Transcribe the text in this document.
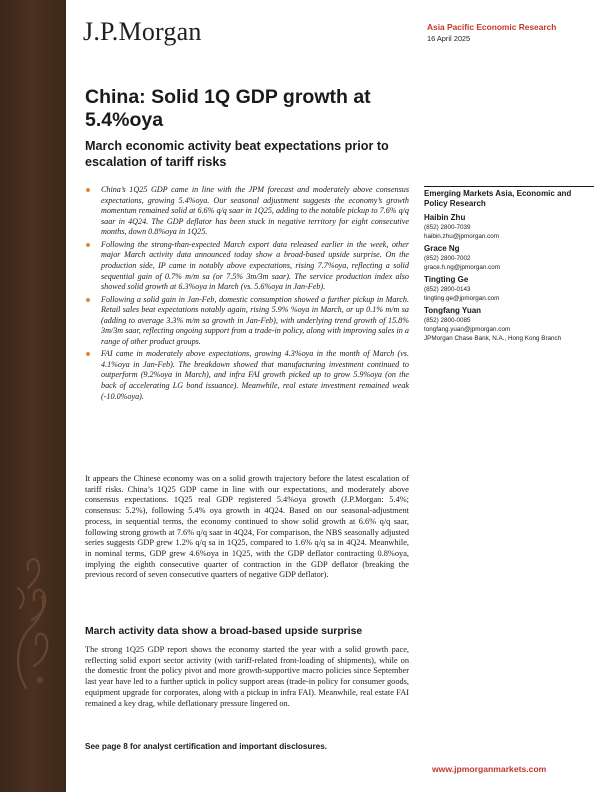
J.P.Morgan	Asia Pacific Economic Research
16 April 2025
China: Solid 1Q GDP growth at 5.4%oya
March economic activity beat expectations prior to escalation of tariff risks
China’s 1Q25 GDP came in line with the JPM forecast and moderately above consensus expectations, growing 5.4%oya. Our seasonal adjustment suggests the economy’s growth momentum remained solid at 6.6% q/q saar in 1Q25, adding to the notable pickup to 7.6% q/q saar in 4Q24. The GDP deflator has been stuck in negative territory for eight consecutive months, down 0.8%oya in 1Q25.
Following the strong-than-expected March export data released earlier in the week, other major March activity data announced today show a broad-based upside surprise. On the production side, IP came in notably above expectations, rising 7.7%oya, reflecting a solid sequential gain of 0.7% m/m sa (or 7.5% 3m/3m saar). The service production index also showed solid growth at 6.3%oya in March (vs. 5.6%oya in Jan-Feb).
Following a solid gain in Jan-Feb, domestic consumption showed a further pickup in March. Retail sales beat expectations notably again, rising 5.9% %oya in March, or up 0.1% m/m sa (adding to average 3.3% m/m sa growth in Jan-Feb), with underlying trend growth of 15.8% 3m/3m saar, reflecting ongoing support from a trade-in policy, along with improving sales in a range of other product groups.
FAI came in moderately above expectations, growing 4.3%oya in the month of March (vs. 4.1%oya in Jan-Feb). The breakdown showed that manufacturing investment continued to outperform (9.2%oya in March), and infra FAI growth picked up to grow 5.9%oya (on the back of accelerating LG bond issuance). Meanwhile, real estate investment remained weak (-10.0%oya).
Emerging Markets Asia, Economic and Policy Research
Haibin Zhu
(852) 2800-7039
haibin.zhu@jpmorgan.com
Grace Ng
(852) 2800-7002
grace.h.ng@jpmorgan.com
Tingting Ge
(852) 2800-0143
tingting.ge@jpmorgan.com
Tongfang Yuan
(852) 2800-0085
tongfang.yuan@jpmorgan.com
JPMorgan Chase Bank, N.A., Hong Kong Branch

It appears the Chinese economy was on a solid growth trajectory before the latest escalation of tariff risks. China’s 1Q25 GDP came in line with our expectations, and moderately above consensus expectations. 1Q25 real GDP registered 5.4%oya growth (J.P.Morgan: 5.4%; consensus: 5.2%), following 5.4% oya growth in 4Q24. Based on our seasonal-adjustment process, in sequential terms, the economy continued to show solid growth at 6.6% q/q saar, following strong growth at 7.6% q/q saar in 4Q24, For comparison, the NBS seasonally adjusted series suggests GDP grew 1.2% q/q sa in 1Q25, compared to 1.6% q/q sa in 4Q24. Meanwhile, in nominal terms, GDP grew 4.6%oya in 1Q25, with the GDP deflator contracting 0.8%oya, implying the eighth consecutive quarter of contraction in the GDP deflator (breaking the previous record of seven consecutive quarters of negative GDP deflator).

March activity data show a broad-based upside surprise

The strong 1Q25 GDP report shows the economy started the year with a solid growth pace, reflecting solid export sector activity (with tariff-related front-loading of shipments), while on the domestic front the policy pivot and more growth-supportive macro policies since September last year have led to a further uptick in policy support areas (trade-in policy for consumer goods, equipment upgrade for corporates, along with a pickup in infra FAI). Meanwhile, real estate FAI remained a key drag, while deflationary pressure lingered on.

See page 8 for analyst certification and important disclosures.
www.jpmorganmarkets.com
